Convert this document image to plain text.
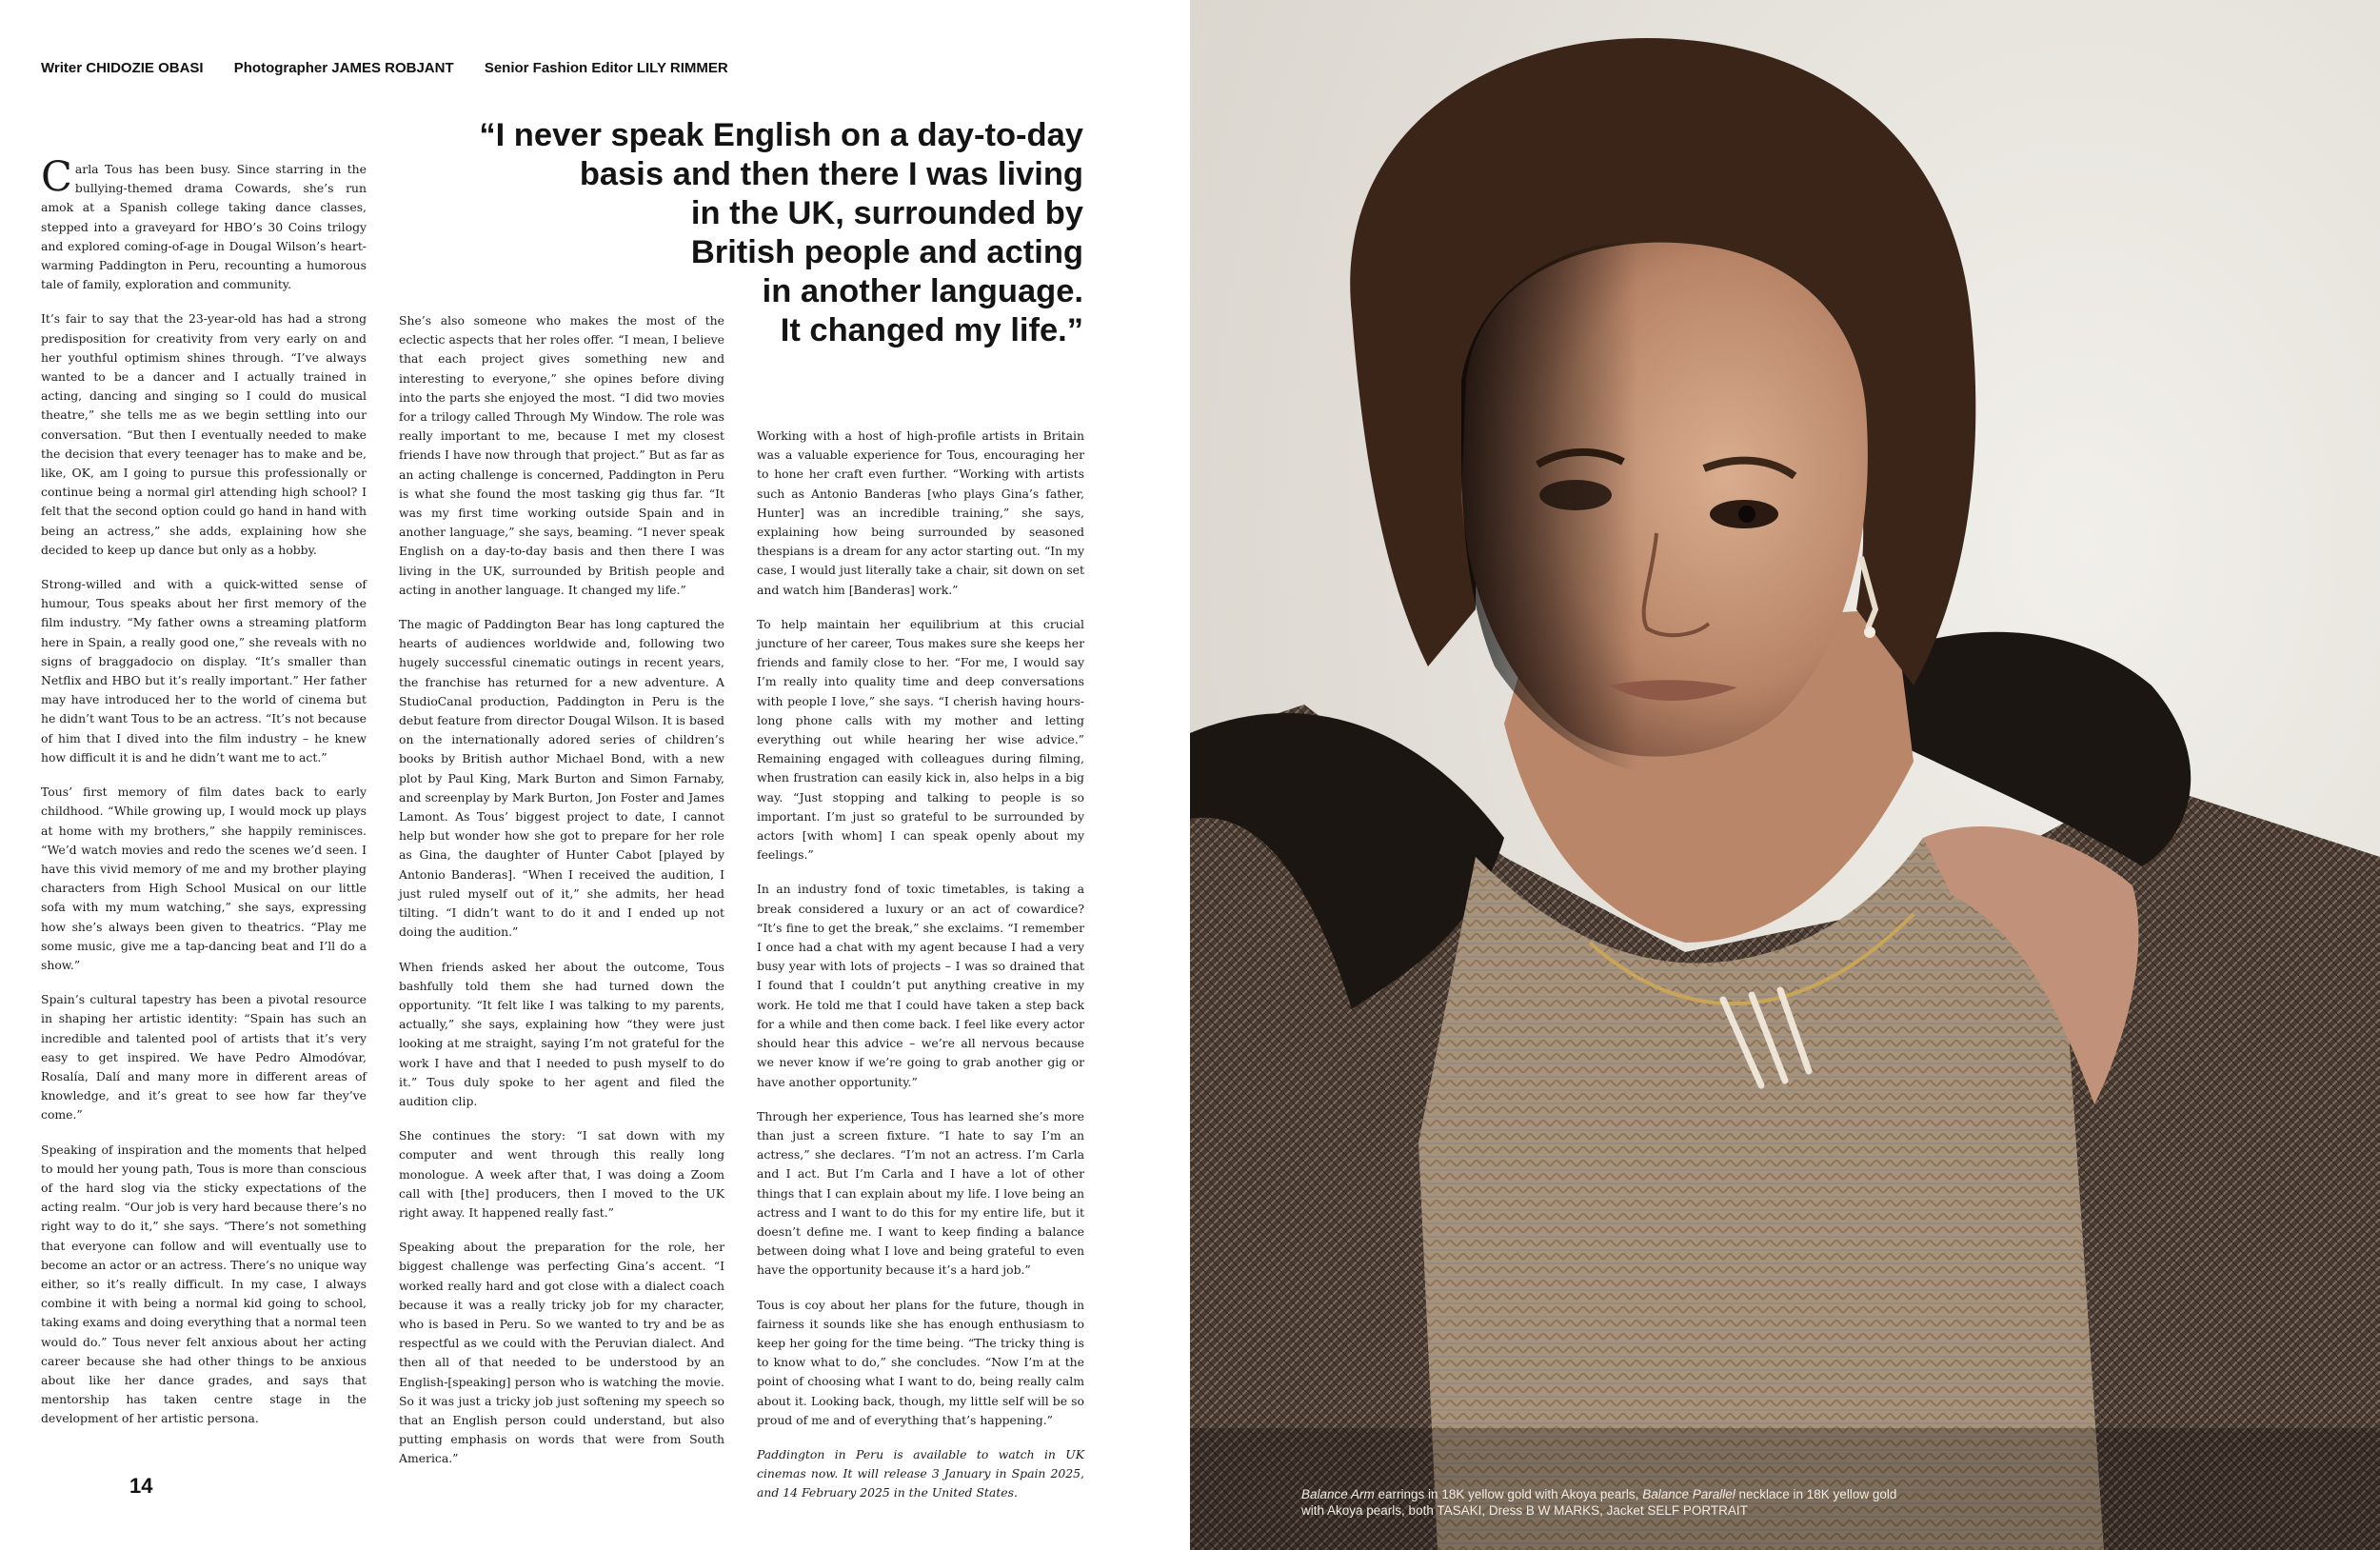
Writer CHIDOZIE OBASI Photographer JAMES ROBJANT Senior Fashion Editor LILY RIMMER
“I never speak English on a day-to-day
basis and then there I was living
in the UK, surrounded by
British people and acting
in another language.
It changed my life.”

Carla Tous has been busy. Since starring in the bullying-themed drama Cowards, she’s run amok at a Spanish college taking dance classes, stepped into a graveyard for HBO’s 30 Coins trilogy and explored coming-of-age in Dougal Wilson’s heart-warming Paddington in Peru, recounting a humorous tale of family, exploration and community.

It’s fair to say that the 23-year-old has had a strong predisposition for creativity from very early on and her youthful optimism shines through. “I’ve always wanted to be a dancer and I actually trained in acting, dancing and singing so I could do musical theatre,” she tells me as we begin settling into our conversation. “But then I eventually needed to make the decision that every teenager has to make and be, like, OK, am I going to pursue this professionally or continue being a normal girl attending high school? I felt that the second option could go hand in hand with being an actress,” she adds, explaining how she decided to keep up dance but only as a hobby.

Strong-willed and with a quick-witted sense of humour, Tous speaks about her first memory of the film industry. “My father owns a streaming platform here in Spain, a really good one,” she reveals with no signs of braggadocio on display. “It’s smaller than Netflix and HBO but it’s really important.” Her father may have introduced her to the world of cinema but he didn’t want Tous to be an actress. “It’s not because of him that I dived into the film industry – he knew how difficult it is and he didn’t want me to act.”

Tous’ first memory of film dates back to early childhood. “While growing up, I would mock up plays at home with my brothers,” she happily reminisces. “We’d watch movies and redo the scenes we’d seen. I have this vivid memory of me and my brother playing characters from High School Musical on our little sofa with my mum watching,” she says, expressing how she’s always been given to theatrics. “Play me some music, give me a tap-dancing beat and I’ll do a show.”

Spain’s cultural tapestry has been a pivotal resource in shaping her artistic identity: “Spain has such an incredible and talented pool of artists that it’s very easy to get inspired. We have Pedro Almodóvar, Rosalía, Dalí and many more in different areas of knowledge, and it’s great to see how far they’ve come.”

Speaking of inspiration and the moments that helped to mould her young path, Tous is more than conscious of the hard slog via the sticky expectations of the acting realm. “Our job is very hard because there’s no right way to do it,” she says. “There’s not something that everyone can follow and will eventually use to become an actor or an actress. There’s no unique way either, so it’s really difficult. In my case, I always combine it with being a normal kid going to school, taking exams and doing everything that a normal teen would do.” Tous never felt anxious about her acting career because she had other things to be anxious about like her dance grades, and says that mentorship has taken centre stage in the development of her artistic persona.

She’s also someone who makes the most of the eclectic aspects that her roles offer. “I mean, I believe that each project gives something new and interesting to everyone,” she opines before diving into the parts she enjoyed the most. “I did two movies for a trilogy called Through My Window. The role was really important to me, because I met my closest friends I have now through that project.” But as far as an acting challenge is concerned, Paddington in Peru is what she found the most tasking gig thus far. “It was my first time working outside Spain and in another language,” she says, beaming. “I never speak English on a day-to-day basis and then there I was living in the UK, surrounded by British people and acting in another language. It changed my life.”

The magic of Paddington Bear has long captured the hearts of audiences worldwide and, following two hugely successful cinematic outings in recent years, the franchise has returned for a new adventure. A StudioCanal production, Paddington in Peru is the debut feature from director Dougal Wilson. It is based on the internationally adored series of children’s books by British author Michael Bond, with a new plot by Paul King, Mark Burton and Simon Farnaby, and screenplay by Mark Burton, Jon Foster and James Lamont. As Tous’ biggest project to date, I cannot help but wonder how she got to prepare for her role as Gina, the daughter of Hunter Cabot [played by Antonio Banderas]. “When I received the audition, I just ruled myself out of it,” she admits, her head tilting. “I didn’t want to do it and I ended up not doing the audition.”

When friends asked her about the outcome, Tous bashfully told them she had turned down the opportunity. “It felt like I was talking to my parents, actually,” she says, explaining how “they were just looking at me straight, saying I’m not grateful for the work I have and that I needed to push myself to do it.” Tous duly spoke to her agent and filed the audition clip.

She continues the story: “I sat down with my computer and went through this really long monologue. A week after that, I was doing a Zoom call with [the] producers, then I moved to the UK right away. It happened really fast.”

Speaking about the preparation for the role, her biggest challenge was perfecting Gina’s accent. “I worked really hard and got close with a dialect coach because it was a really tricky job for my character, who is based in Peru. So we wanted to try and be as respectful as we could with the Peruvian dialect. And then all of that needed to be understood by an English-[speaking] person who is watching the movie. So it was just a tricky job just softening my speech so that an English person could understand, but also putting emphasis on words that were from South America.”

Working with a host of high-profile artists in Britain was a valuable experience for Tous, encouraging her to hone her craft even further. “Working with artists such as Antonio Banderas [who plays Gina’s father, Hunter] was an incredible training,” she says, explaining how being surrounded by seasoned thespians is a dream for any actor starting out. “In my case, I would just literally take a chair, sit down on set and watch him [Banderas] work.”

To help maintain her equilibrium at this crucial juncture of her career, Tous makes sure she keeps her friends and family close to her. “For me, I would say I’m really into quality time and deep conversations with people I love,” she says. “I cherish having hours-long phone calls with my mother and letting everything out while hearing her wise advice.” Remaining engaged with colleagues during filming, when frustration can easily kick in, also helps in a big way. “Just stopping and talking to people is so important. I’m just so grateful to be surrounded by actors [with whom] I can speak openly about my feelings.”

In an industry fond of toxic timetables, is taking a break considered a luxury or an act of cowardice? “It’s fine to get the break,” she exclaims. “I remember I once had a chat with my agent because I had a very busy year with lots of projects – I was so drained that I found that I couldn’t put anything creative in my work. He told me that I could have taken a step back for a while and then come back. I feel like every actor should hear this advice – we’re all nervous because we never know if we’re going to grab another gig or have another opportunity.”

Through her experience, Tous has learned she’s more than just a screen fixture. “I hate to say I’m an actress,” she declares. “I’m not an actress. I’m Carla and I act. But I’m Carla and I have a lot of other things that I can explain about my life. I love being an actress and I want to do this for my entire life, but it doesn’t define me. I want to keep finding a balance between doing what I love and being grateful to even have the opportunity because it’s a hard job.”

Tous is coy about her plans for the future, though in fairness it sounds like she has enough enthusiasm to keep her going for the time being. “The tricky thing is to know what to do,” she concludes. “Now I’m at the point of choosing what I want to do, being really calm about it. Looking back, though, my little self will be so proud of me and of everything that’s happening.”

Paddington in Peru is available to watch in UK cinemas now. It will release 3 January in Spain 2025, and 14 February 2025 in the United States.

14	Balance Arm earrings in 18K yellow gold with Akoya pearls, Balance Parallel necklace in 18K yellow gold with Akoya pearls, both TASAKI, Dress B W MARKS, Jacket SELF PORTRAIT
